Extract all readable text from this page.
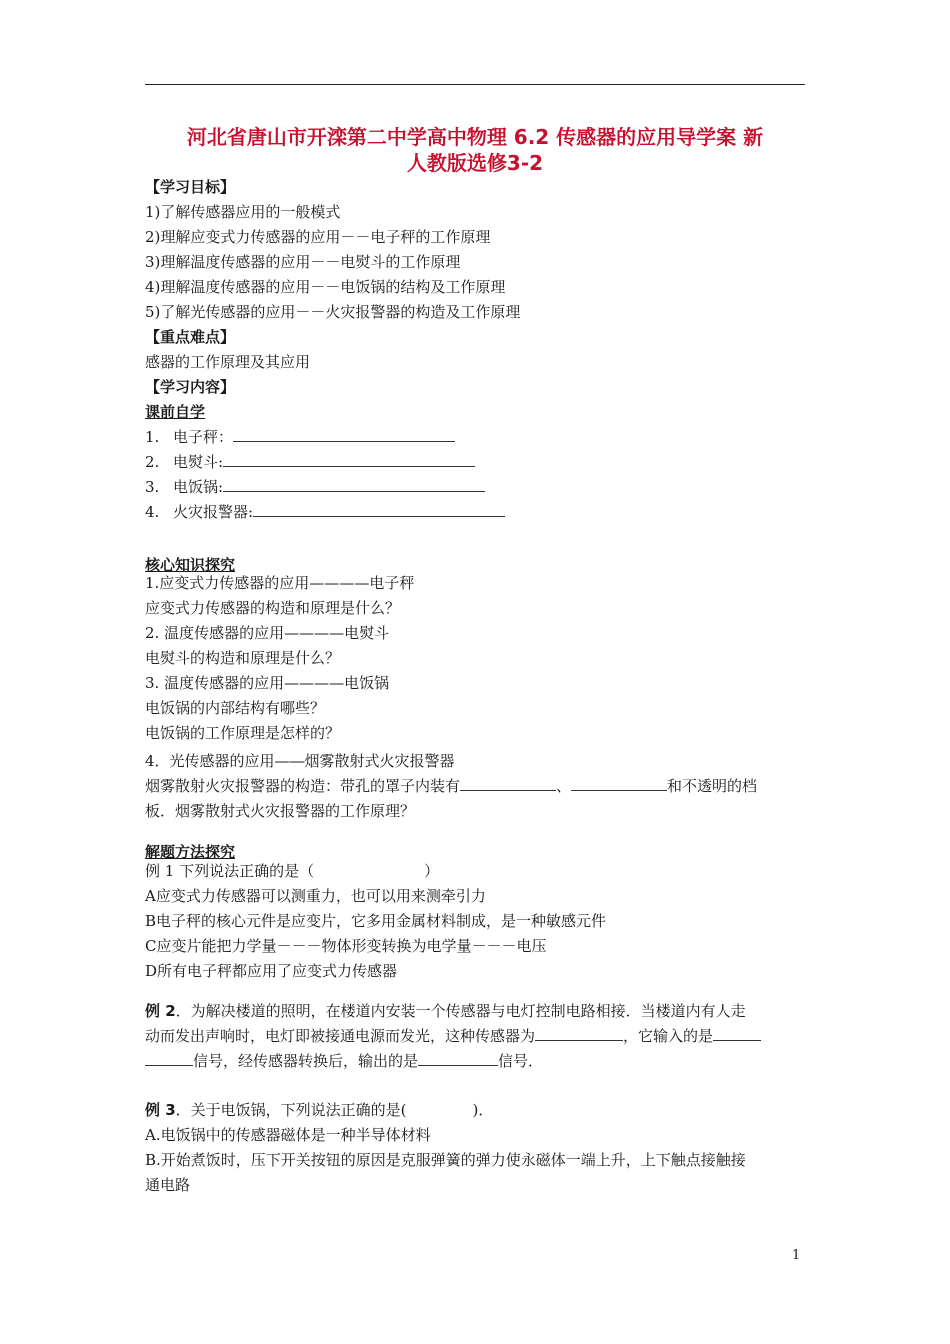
河北省唐山市开滦第二中学高中物理 6.2 传感器的应用导学案 新
人教版选修3-2
【学习目标】
1)了解传感器应用的一般模式
2)理解应变式力传感器的应用－－电子秤的工作原理
3)理解温度传感器的应用－－电熨斗的工作原理
4)理解温度传感器的应用－－电饭锅的结构及工作原理
5)了解光传感器的应用－－火灾报警器的构造及工作原理
【重点难点】
感器的工作原理及其应用
【学习内容】
课前自学
1. 电子秤：
2. 电熨斗:
3. 电饭锅:
4. 火灾报警器:
核心知识探究
1.应变式力传感器的应用————电子秤
应变式力传感器的构造和原理是什么？
2. 温度传感器的应用————电熨斗
电熨斗的构造和原理是什么？
3. 温度传感器的应用————电饭锅
电饭锅的内部结构有哪些？
电饭锅的工作原理是怎样的？
4．光传感器的应用—―烟雾散射式火灾报警器
烟雾散射火灾报警器的构造：带孔的罩子内装有	、	和不透明的档
板．烟雾散射式火灾报警器的工作原理？
解题方法探究
例 1 下列说法正确的是（	）
A应变式力传感器可以测重力，也可以用来测牵引力
B电子秤的核心元件是应变片，它多用金属材料制成，是一种敏感元件
C应变片能把力学量－－－物体形变转换为电学量－－－电压
D所有电子秤都应用了应变式力传感器
例 2．为解决楼道的照明，在楼道内安装一个传感器与电灯控制电路相接．当楼道内有人走
动而发出声响时，电灯即被接通电源而发光，这种传感器为	，它输入的是
信号，经传感器转换后，输出的是	信号．
例 3．关于电饭锅，下列说法正确的是(	)．
A.电饭锅中的传感器磁体是一种半导体材料
B.开始煮饭时，压下开关按钮的原因是克服弹簧的弹力使永磁体一端上升，上下触点接触接
通电路
1
